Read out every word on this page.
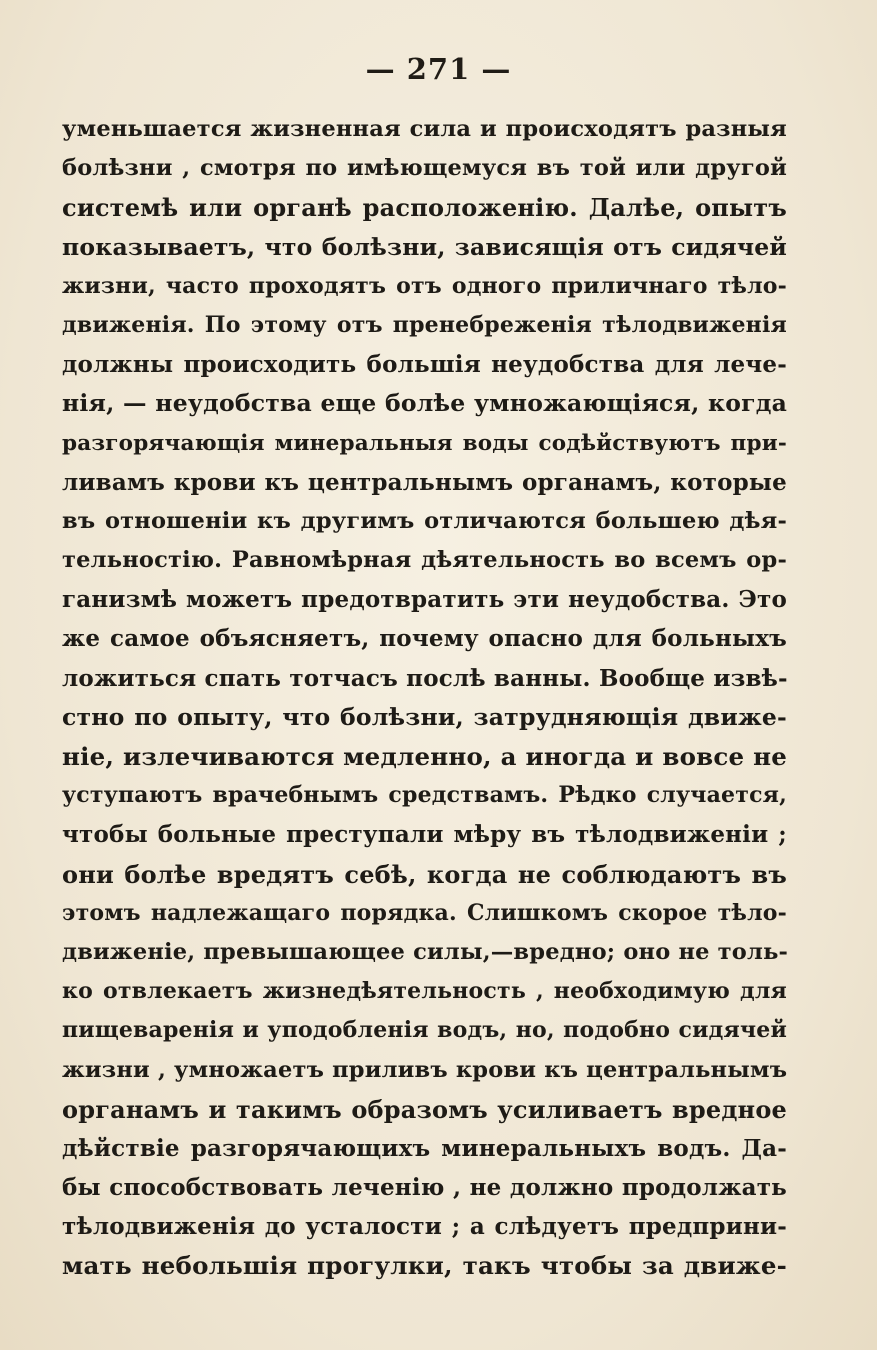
— 271 —
уменьшается жизненная сила и происходятъ разныя
болѣзни , смотря по имѣющемуся въ той или другой
системѣ или органѣ расположенію. Далѣе, опытъ
показываетъ, что болѣзни, зависящія отъ сидячей
жизни, часто проходятъ отъ одного приличнаго тѣло-
движенія. По этому отъ пренебреженія тѣлодвиженія
должны происходить большія неудобства для лече-
нія, — неудобства еще болѣе умножающіяся, когда
разгорячающія минеральныя воды содѣйствуютъ при-
ливамъ крови къ центральнымъ органамъ, которые
въ отношеніи къ другимъ отличаются большею дѣя-
тельностію. Равномѣрная дѣятельность во всемъ ор-
ганизмѣ можетъ предотвратить эти неудобства. Это
же самое объясняетъ, почему опасно для больныхъ
ложиться спать тотчасъ послѣ ванны. Вообще извѣ-
стно по опыту, что болѣзни, затрудняющія движе-
ніе, излечиваются медленно, а иногда и вовсе не
уступаютъ врачебнымъ средствамъ. Рѣдко случается,
чтобы больные преступали мѣру въ тѣлодвиженіи ;
они болѣе вредятъ себѣ, когда не соблюдаютъ въ
этомъ надлежащаго порядка. Слишкомъ скорое тѣло-
движеніе, превышающее силы,—вредно; оно не толь-
ко отвлекаетъ жизнедѣятельность , необходимую для
пищеваренія и уподобленія водъ, но, подобно сидячей
жизни , умножаетъ приливъ крови къ центральнымъ
органамъ и такимъ образомъ усиливаетъ вредное
дѣйствіе разгорячающихъ минеральныхъ водъ. Да-
бы способствовать леченію , не должно продолжать
тѣлодвиженія до усталости ; а слѣдуетъ предприни-
мать небольшія прогулки, такъ чтобы за движе-
